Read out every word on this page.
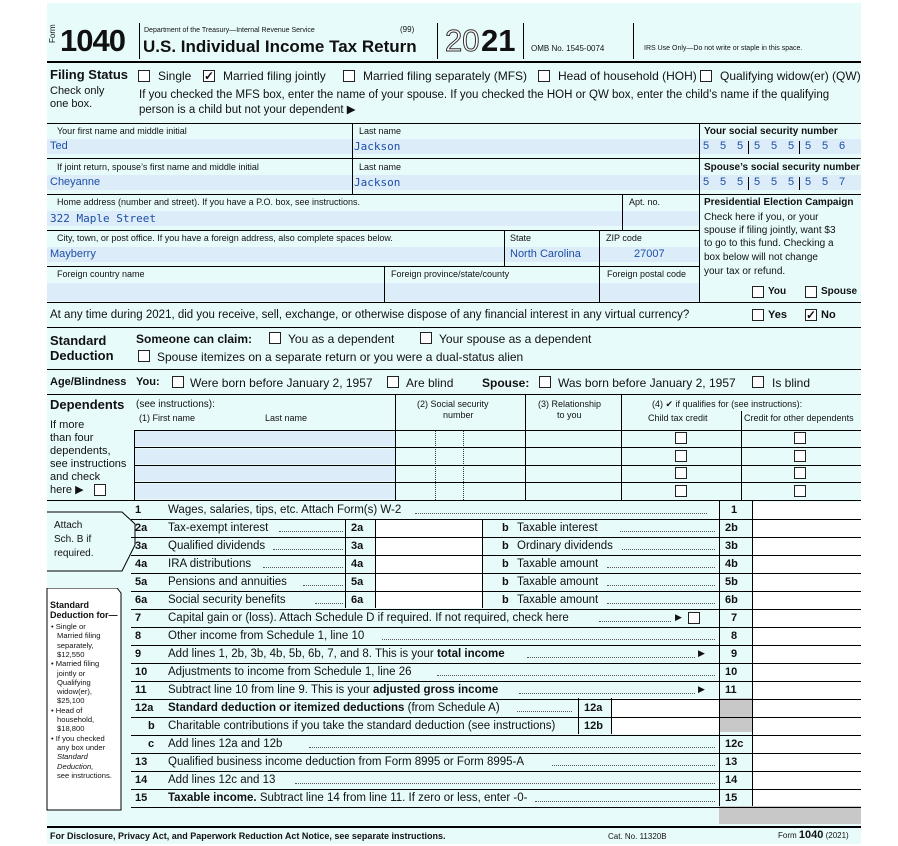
Form 1040	Department of the Treasury—Internal Revenue Service	(99)
U.S. Individual Income Tax Return 20 21 OMB No. 1545-0074	IRS Use Only—Do not write or staple in this space.
Filing Status
Check only
one box.
Single ✓	Married filing jointly	Married filing separately (MFS)	Head of household (HOH) Qualifying widow(er) (QW)
If you checked the MFS box, enter the name of your spouse. If you checked the HOH or QW box, enter the child’s name if the qualifying
person is a child but not your dependent ▶
Your first name and middle initial
Ted
Last name
Jackson
Your social security number
5 5 5 5 5 5 5 5 6
If joint return, spouse’s first name and middle initial
Cheyanne
Last name
Jackson
Spouse’s social security number
5 5 5 5 5 5 5 5 7
Home address (number and street). If you have a P.O. box, see instructions.
322 Maple Street
Apt. no.	Presidential Election Campaign
Check here if you, or your
spouse if filing jointly, want $3
to go to this fund. Checking a
box below will not change
your tax or refund.
You	Spouse
City, town, or post office. If you have a foreign address, also complete spaces below.
Mayberry
State
North Carolina
ZIP code
27007
Foreign country name	Foreign province/state/county	Foreign postal code
At any time during 2021, did you receive, sell, exchange, or otherwise dispose of any financial interest in any virtual currency?	Yes ✓	No
Standard
Deduction
Someone can claim:	You as a dependent	Your spouse as a dependent
Spouse itemizes on a separate return or you were a dual-status alien
Age/Blindness You:	Were born before January 2, 1957	Are blind Spouse: Was born before January 2, 1957	Is blind
Dependents
If more
than four
dependents,
see instructions
and check
here ▶
(see instructions):
(1) First name	Last name
(2) Social security
number
(3) Relationship
to you
(4) ✔ if qualifies for (see instructions):
Child tax credit	Credit for other dependents
Attach
Sch. B if
required.
Standard
Deduction for—
For Disclosure, Privacy Act, and Paperwork Reduction Act Notice, see separate instructions.	Cat. No. 11320B	Form 1040 (2021)
• Single or
Married filing
separately,
$12,550
• Married filing
jointly or
Qualifying
widow(er),
$25,100
• Head of
household,
$18,800
• If you checked
any box under
Standard
Deduction,
see instructions.
1 Wages, salaries, tips, etc. Attach Form(s) W-2	1
2a Tax-exempt interest	2a	b Taxable interest	2b
3a Qualified dividends	3a	b Ordinary dividends	3b
4a IRA distributions	4a	b Taxable amount	4b
5a Pensions and annuities	5a	b Taxable amount	5b
6a Social security benefits	6a	b Taxable amount	6b
7 Capital gain or (loss). Attach Schedule D if required. If not required, check here	7
▶
8 Other income from Schedule 1, line 10	8
9 Add lines 1, 2b, 3b, 4b, 5b, 6b, 7, and 8. This is your total income	9
▶
10 Adjustments to income from Schedule 1, line 26	10
11 Subtract line 10 from line 9. This is your adjusted gross income	11
▶
12a Standard deduction or itemized deductions (from Schedule A)	12a
b Charitable contributions if you take the standard deduction (see instructions)	12b
c Add lines 12a and 12b	12c
13 Qualified business income deduction from Form 8995 or Form 8995-A	13
14 Add lines 12c and 13	14
15 Taxable income. Subtract line 14 from line 11. If zero or less, enter -0-	15
